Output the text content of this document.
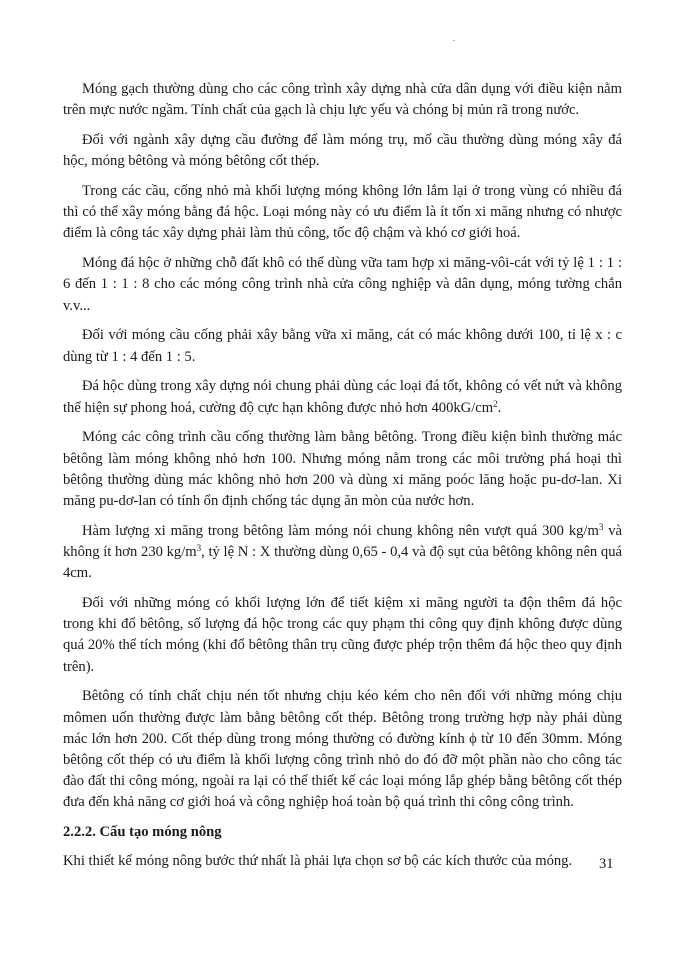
Móng gạch thường dùng cho các công trình xây dựng nhà cửa dân dụng với điều kiện nằm trên mực nước ngầm. Tính chất của gạch là chịu lực yếu và chóng bị mủn rã trong nước.

Đối với ngành xây dựng cầu đường để làm móng trụ, mố cầu thường dùng móng xây đá hộc, móng bêtông và móng bêtông cốt thép.

Trong các cầu, cống nhỏ mà khối lượng móng không lớn lắm lại ở trong vùng có nhiều đá thì có thể xây móng bằng đá hộc. Loại móng này có ưu điểm là ít tốn xi măng nhưng có nhược điểm là công tác xây dựng phải làm thủ công, tốc độ chậm và khó cơ giới hoá.

Móng đá hộc ở những chỗ đất khô có thể dùng vữa tam hợp xi măng-vôi-cát với tỷ lệ 1 : 1 : 6 đến 1 : 1 : 8 cho các móng công trình nhà cửa công nghiệp và dân dụng, móng tường chắn v.v...

Đối với móng cầu cống phải xây bằng vữa xi măng, cát có mác không dưới 100, tỉ lệ x : c dùng từ 1 : 4 đến 1 : 5.

Đá hộc dùng trong xây dựng nói chung phải dùng các loại đá tốt, không có vết nứt và không thể hiện sự phong hoá, cường độ cực hạn không được nhỏ hơn $400kG/cm^2$.

Móng các công trình cầu cống thường làm bằng bêtông. Trong điều kiện bình thường mác bêtông làm móng không nhỏ hơn 100. Nhưng móng nằm trong các môi trường phá hoại thì bêtông thường dùng mác không nhỏ hơn 200 và dùng xi măng poóc lăng hoặc pu-dơ-lan. Xi măng pu-dơ-lan có tính ổn định chống tác dụng ăn mòn của nước hơn.

Hàm lượng xi măng trong bêtông làm móng nói chung không nên vượt quá 300 $kg/m^3$ và không ít hơn 230 $kg/m^3$, tỷ lệ N : X thường dùng 0,65 - 0,4 và độ sụt của bêtông không nên quá 4cm.

Đối với những móng có khối lượng lớn để tiết kiệm xi măng người ta độn thêm đá hộc trong khi đổ bêtông, số lượng đá hộc trong các quy phạm thi công quy định không được dùng quá 20% thể tích móng (khi đổ bêtông thân trụ cũng được phép trộn thêm đá hộc theo quy định trên).

Bêtông có tính chất chịu nén tốt nhưng chịu kéo kém cho nên đối với những móng chịu mômen uốn thường được làm bằng bêtông cốt thép. Bêtông trong trường hợp này phải dùng mác lớn hơn 200. Cốt thép dùng trong móng thường có đường kính ϕ từ 10 đến 30mm. Móng bêtông cốt thép có ưu điểm là khối lượng công trình nhỏ do đó đỡ một phần nào cho công tác đào đất thi công móng, ngoài ra lại có thể thiết kế các loại móng lắp ghép bằng bêtông cốt thép đưa đến khả năng cơ giới hoá và công nghiệp hoá toàn bộ quá trình thi công công trình.

2.2.2. Cấu tạo móng nông

Khi thiết kế móng nông bước thứ nhất là phải lựa chọn sơ bộ các kích thước của móng.	31
